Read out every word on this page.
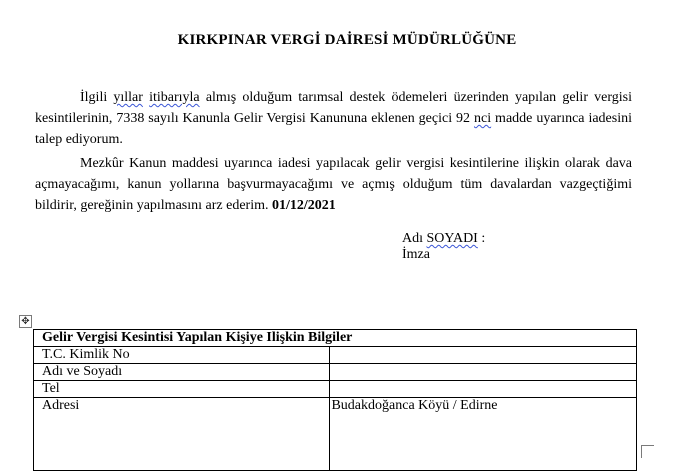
KIRKPINAR VERGİ DAİRESİ MÜDÜRLÜĞÜNE

İlgili yıllar itibarıyla almış olduğum tarımsal destek ödemeleri üzerinden yapılan gelir vergisi kesintilerinin, 7338 sayılı Kanunla Gelir Vergisi Kanununa eklenen geçici 92 nci madde uyarınca iadesini talep ediyorum.

Mezkûr Kanun maddesi uyarınca iadesi yapılacak gelir vergisi kesintilerine ilişkin olarak dava açmayacağımı, kanun yollarına başvurmayacağımı ve açmış olduğum tüm davalardan vazgeçtiğimi bildirir, gereğinin yapılmasını arz ederim. 01/12/2021

Adı SOYADI :
İmza
✥
Gelir Vergisi Kesintisi Yapılan Kişiye Ilişkin Bilgiler	
T.C. Kimlik No	
Adı ve Soyadı	
Tel	
Adresi	Budakdoğanca Köyü / Edirne
